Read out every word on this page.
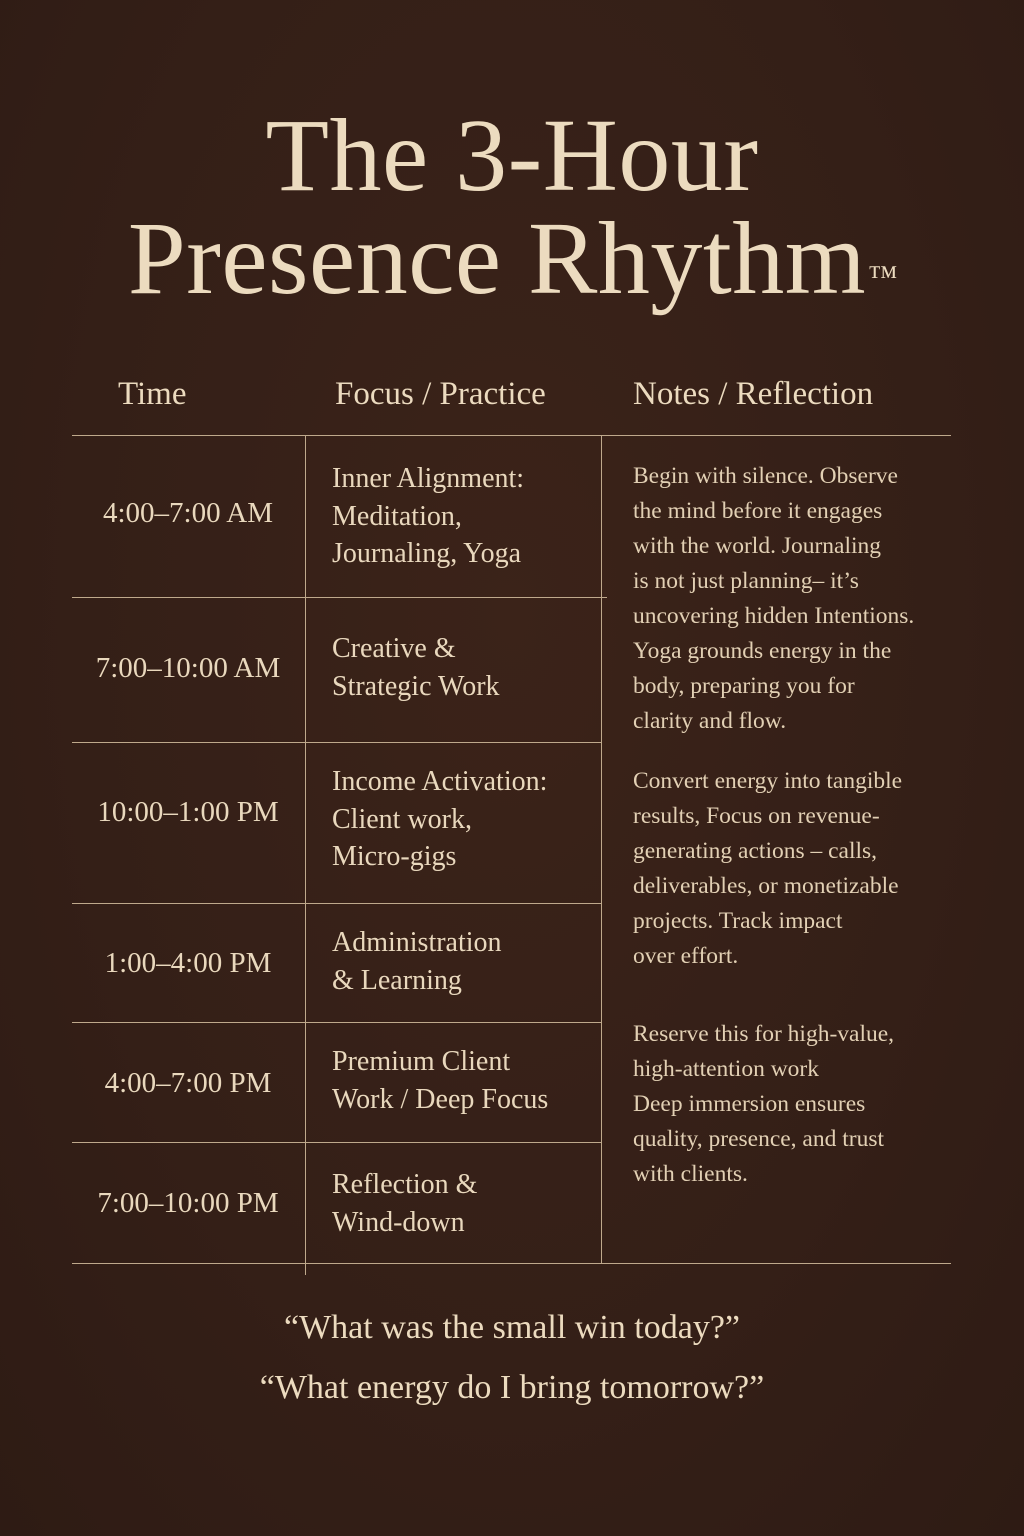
The 3-Hour
Presence Rhythm™
Time	Focus / Practice	Notes / Reflection
4:00–7:00 AM
Inner Alignment:
Meditation,
Journaling, Yoga
7:00–10:00 AM
Creative &
Strategic Work
10:00–1:00 PM
Income Activation:
Client work,
Micro-gigs
1:00–4:00 PM
Administration
& Learning
4:00–7:00 PM
Premium Client
Work / Deep Focus
7:00–10:00 PM
Reflection &
Wind-down
Begin with silence. Observe
the mind before it engages
with the world. Journaling
is not just planning– it’s
uncovering hidden Intentions.
Yoga grounds energy in the
body, preparing you for
clarity and flow.
Convert energy into tangible
results, Focus on revenue-
generating actions – calls,
deliverables, or monetizable
projects. Track impact
over effort.
Reserve this for high-value,
high-attention work
Deep immersion ensures
quality, presence, and trust
with clients.
“What was the small win today?”
“What energy do I bring tomorrow?”
